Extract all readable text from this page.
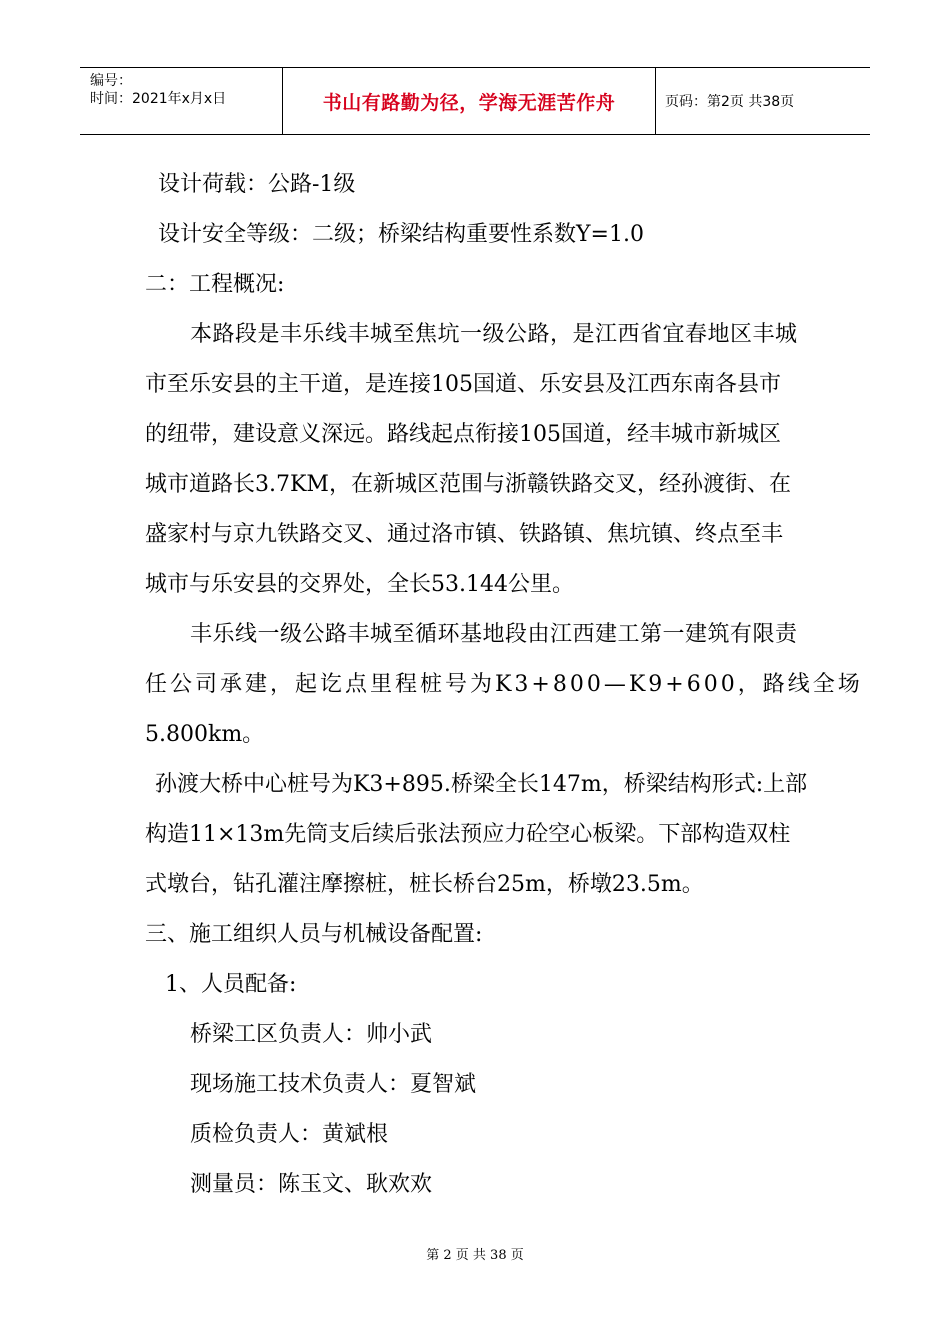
编号：
时间：2021年x月x日	书山有路勤为径，学海无涯苦作舟	页码：第2页 共38页
设计荷载：公路-1级
设计安全等级：二级；桥梁结构重要性系数Y=1.0
二：工程概况:
本路段是丰乐线丰城至焦坑一级公路，是江西省宜春地区丰城
市至乐安县的主干道，是连接105国道、乐安县及江西东南各县市
的纽带，建设意义深远。路线起点衔接105国道，经丰城市新城区
城市道路长3.7KM，在新城区范围与浙赣铁路交叉，经孙渡街、在
盛家村与京九铁路交叉、通过洛市镇、铁路镇、焦坑镇、终点至丰
城市与乐安县的交界处，全长53.144公里。
丰乐线一级公路丰城至循环基地段由江西建工第一建筑有限责
任公司承建，起讫点里程桩号为K3+800—K9+600，路线全场
5.800km。
孙渡大桥中心桩号为K3+895.桥梁全长147m，桥梁结构形式:上部
构造11×13m先筒支后续后张法预应力砼空心板梁。下部构造双柱
式墩台，钻孔灌注摩擦桩，桩长桥台25m，桥墩23.5m。
三、施工组织人员与机械设备配置:
1、人员配备:
桥梁工区负责人：帅小武
现场施工技术负责人：夏智斌
质检负责人：黄斌根
测量员：陈玉文、耿欢欢
第 2 页 共 38 页
